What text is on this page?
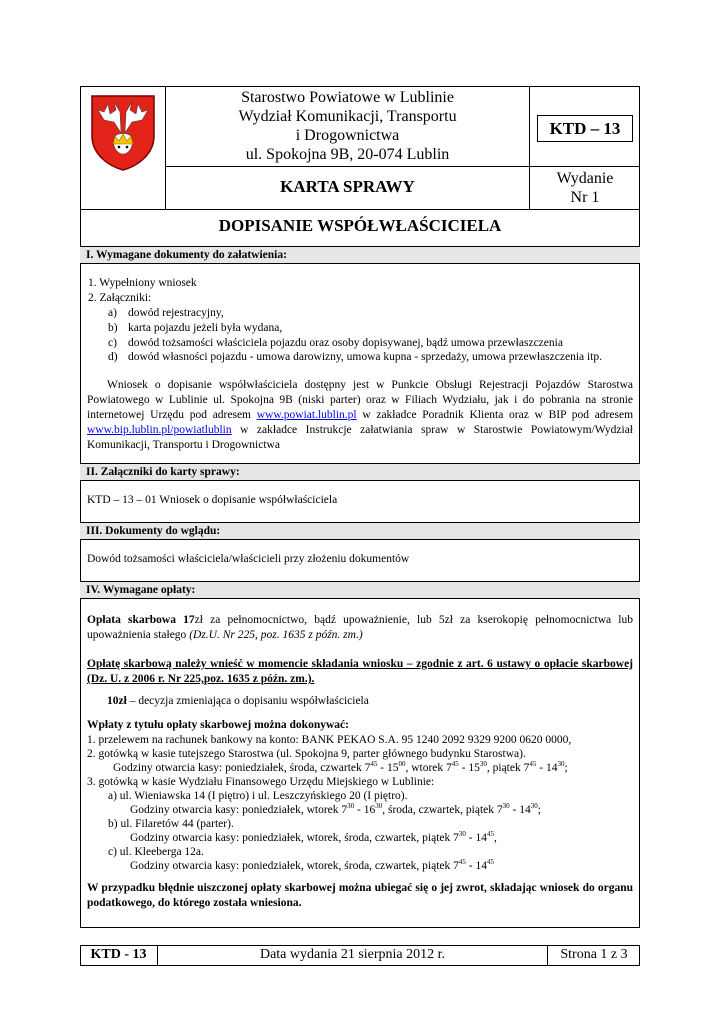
Starostwo Powiatowe w Lublinie
Wydział Komunikacji, Transportu
i Drogownictwa
ul. Spokojna 9B, 20-074 Lublin
KTD – 13
KARTA SPRAWY	Wydanie
Nr 1
DOPISANIE WSPÓŁWŁAŚCICIELA
I. Wymagane dokumenty do załatwienia:
1. Wypełniony wniosek
2. Załączniki:
a) dowód rejestracyjny,
b) karta pojazdu jeżeli była wydana,
c) dowód tożsamości właściciela pojazdu oraz osoby dopisywanej, bądź umowa przewłaszczenia
d) dowód własności pojazdu - umowa darowizny, umowa kupna - sprzedaży, umowa przewłaszczenia itp.
Wniosek o dopisanie współwłaściciela dostępny jest w Punkcie Obsługi Rejestracji Pojazdów Starostwa Powiatowego w Lublinie ul. Spokojna 9B (niski parter) oraz w Filiach Wydziału, jak i do pobrania na stronie internetowej Urzędu pod adresem www.powiat.lublin.pl w zakładce Poradnik Klienta oraz w BIP pod adresem www.bip.lublin.pl/powiatlublin w zakładce Instrukcje załatwiania spraw w Starostwie Powiatowym/Wydział Komunikacji, Transportu i Drogownictwa
II. Załączniki do karty sprawy:
KTD – 13 – 01 Wniosek o dopisanie współwłaściciela
III. Dokumenty do wglądu:
Dowód tożsamości właściciela/właścicieli przy złożeniu dokumentów
IV. Wymagane opłaty:
Opłata skarbowa 17zł za pełnomocnictwo, bądź upoważnienie, lub 5zł za kserokopię pełnomocnictwa lub upoważnienia stałego (Dz.U. Nr 225, poz. 1635 z późn. zm.)
Opłatę skarbową należy wnieść w momencie składania wniosku – zgodnie z art. 6 ustawy o opłacie skarbowej (Dz. U. z 2006 r. Nr 225,poz. 1635 z późn. zm.).
10zł – decyzja zmieniająca o dopisaniu współwłaściciela
Wpłaty z tytułu opłaty skarbowej można dokonywać:
1. przelewem na rachunek bankowy na konto: BANK PEKAO S.A. 95 1240 2092 9329 9200 0620 0000,
2. gotówką w kasie tutejszego Starostwa (ul. Spokojna 9, parter głównego budynku Starostwa).
Godziny otwarcia kasy: poniedziałek, środa, czwartek $7^{45} - 15^{00}$, wtorek $7^{45} - 15^{30}$, piątek $7^{45} - 14^{30}$;
3. gotówką w kasie Wydziału Finansowego Urzędu Miejskiego w Lublinie:
a) ul. Wieniawska 14 (I piętro) i ul. Leszczyńskiego 20 (I piętro).
Godziny otwarcia kasy: poniedziałek, wtorek $7^{30} - 16^{30}$, środa, czwartek, piątek $7^{30} - 14^{30}$;
b) ul. Filaretów 44 (parter).
Godziny otwarcia kasy: poniedziałek, wtorek, środa, czwartek, piątek $7^{30} - 14^{45}$,
c) ul. Kleeberga 12a.
Godziny otwarcia kasy: poniedziałek, wtorek, środa, czwartek, piątek $7^{45} - 14^{45}$
W przypadku błędnie uiszczonej opłaty skarbowej można ubiegać się o jej zwrot, składając wniosek do organu podatkowego, do którego została wniesiona.
KTD - 13	Data wydania 21 sierpnia 2012 r.	Strona 1 z 3
